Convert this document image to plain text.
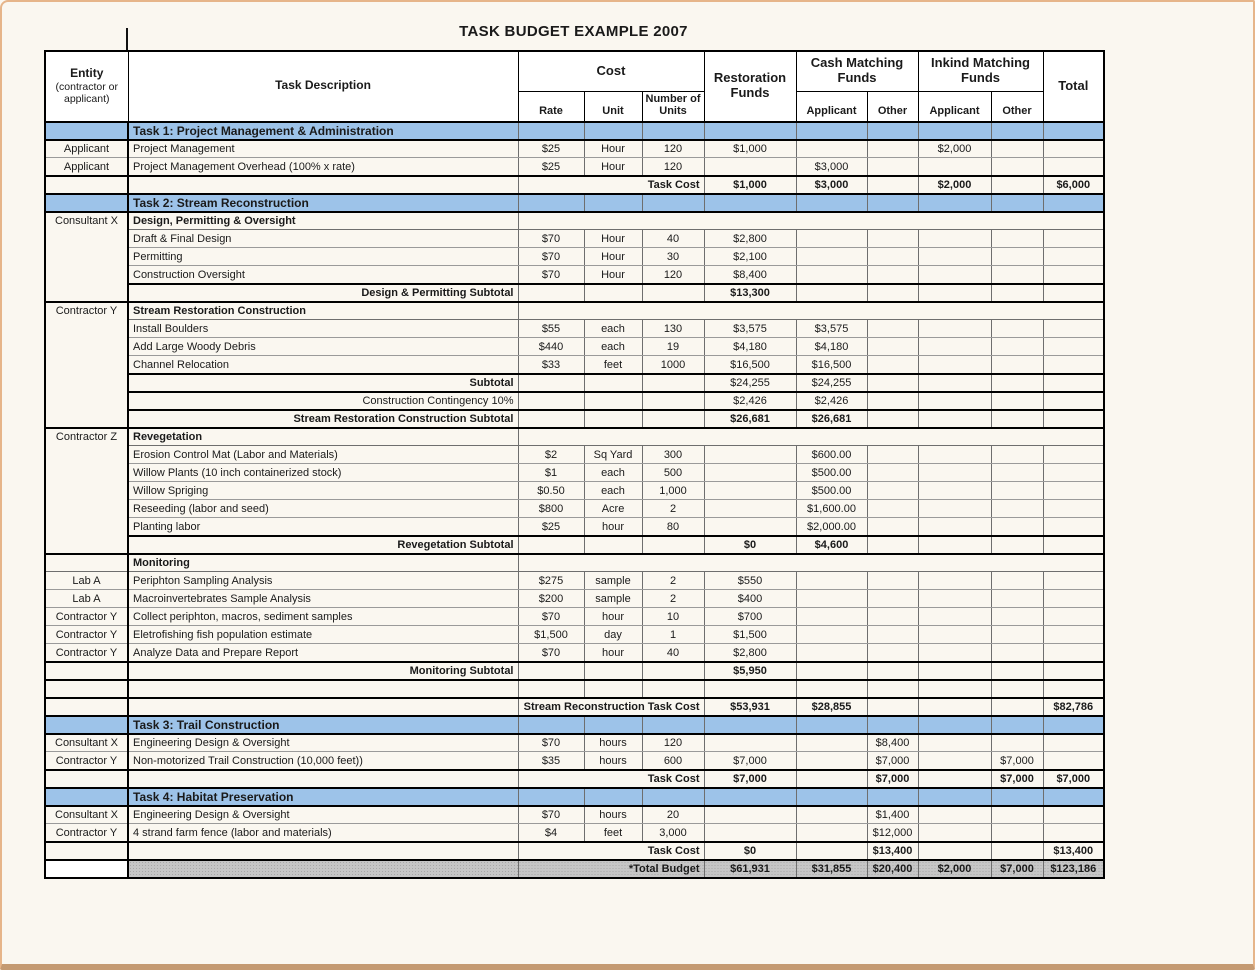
TASK BUDGET EXAMPLE 2007
Entity
(contractor or applicant)	Task Description	Cost			Restoration Funds	Cash Matching Funds		Inkind Matching Funds		Total
		Rate	Unit	Number of Units		Applicant	Other	Applicant	Other	
	Task 1: Project Management & Administration									
Applicant	Project Management	$25	Hour	120	$1,000			$2,000		
Applicant	Project Management Overhead (100% x rate)	$25	Hour	120		$3,000				
		Task Cost			$1,000	$3,000		$2,000		$6,000
	Task 2: Stream Reconstruction									
Consultant X	Design, Permitting & Oversight									
	Draft & Final Design	$70	Hour	40	$2,800					
	Permitting	$70	Hour	30	$2,100					
	Construction Oversight	$70	Hour	120	$8,400					
	Design & Permitting Subtotal				$13,300					
Contractor Y	Stream Restoration Construction									
	Install Boulders	$55	each	130	$3,575	$3,575				
	Add Large Woody Debris	$440	each	19	$4,180	$4,180				
	Channel Relocation	$33	feet	1000	$16,500	$16,500				
	Subtotal				$24,255	$24,255				
	Construction Contingency 10%				$2,426	$2,426				
	Stream Restoration Construction Subtotal				$26,681	$26,681				
Contractor Z	Revegetation									
	Erosion Control Mat (Labor and Materials)	$2	Sq Yard	300		$600.00				
	Willow Plants (10 inch containerized stock)	$1	each	500		$500.00				
	Willow Spriging	$0.50	each	1,000		$500.00				
	Reseeding (labor and seed)	$800	Acre	2		$1,600.00				
	Planting labor	$25	hour	80		$2,000.00				
	Revegetation Subtotal				$0	$4,600				
	Monitoring									
Lab A	Periphton Sampling Analysis	$275	sample	2	$550					
Lab A	Macroinvertebrates Sample Analysis	$200	sample	2	$400					
Contractor Y	Collect periphton, macros, sediment samples	$70	hour	10	$700					
Contractor Y	Eletrofishing fish population estimate	$1,500	day	1	$1,500					
Contractor Y	Analyze Data and Prepare Report	$70	hour	40	$2,800					
	Monitoring Subtotal				$5,950					

		Stream Reconstruction Task Cost			$53,931	$28,855				$82,786
	Task 3: Trail Construction									
Consultant X	Engineering Design & Oversight	$70	hours	120			$8,400			
Contractor Y	Non-motorized Trail Construction (10,000 feet))	$35	hours	600	$7,000		$7,000		$7,000	
		Task Cost			$7,000		$7,000		$7,000	$7,000
	Task 4: Habitat Preservation									
Consultant X	Engineering Design & Oversight	$70	hours	20			$1,400			
Contractor Y	4 strand farm fence (labor and materials)	$4	feet	3,000			$12,000			
		Task Cost			$0		$13,400			$13,400
		*Total Budget			$61,931	$31,855	$20,400	$2,000	$7,000	$123,186
